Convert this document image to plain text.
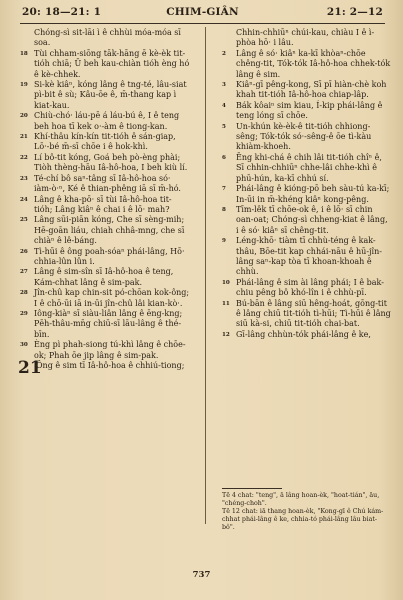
20: 18—21: 1	CHIM-GIÂN	21: 2—12

Chóng-sì sit-lāi ì ê chhùi móa-móa sī soa.

18 Tùi chham-siōng tāk-hāng ē kè-èk tit-tióh chiā; Ū beh kau-chiàn tióh èng hó ê kè-chhek.

19 Si-kè kiâⁿ, kóng lâng ê tng-té, lâu-siat pì-bit ê sù; Kâu-ōe ê, m̄-thang kap ì kiat-kau.

20 Chiù-chó· láu-pē á láu-bú ê, I ê teng beh hoa tī kek o·-àm ê tiong-kan.

21 Khí-thâu kín-kín tit-tióh ê sán-giap, Lō·-bé m̄-sī chōe i ê hok-khì.

22 Lí bô-tit kóng, Goá beh pò-èng phài; Tiòh thèng-hāu Iâ-hô-hoa, I beh kiù lí.

23 Té-chí bô saⁿ-tâng sī Iâ-hô-hoa só· iàm-ò·ⁿ, Ké ê thian-phêng iā sī m̄-hó.

24 Lâng ê kha-pō· sī tùi Iâ-hô-hoa tit-tióh; Lâng kiâⁿ ê chai i ê lō· mah?

25 Lâng sūi-piān kóng, Che sī sèng-mih; Hē-goān liáu, chiah chhâ-mng, che sī chiàⁿ ê lê-báng.

26 Tì-hūi ê ông poah-sóaⁿ phái-lâng, Hō· chhia-lûn lûn i.

27 Lâng ê sim-sîn sī Iâ-hô-hoa ê teng, Kám-chhat lâng ê sim-pak.

28 Jîn-chû kap chin-sit pó-chōan kok-ông; I ê chō-ūi iā in-ūi jîn-chû lâi kian-kò·.

29 Iông-kiàⁿ sī siàu-liân lâng ê ēng-kng; Pēh-thâu-mn̄g chiū-sī lāu-lâng ê thé-bīn.

30 Èng pì phah-siong tú-khì lâng ê chōe-ok; Phah ōe jip lâng ê sim-pak.

21
Ông ê sim tī Iâ-hô-hoa ê chhiú-tiong;

Chhin-chhiūⁿ chúi-kau, chiàu I ê ì-phòa hō· i lâu.

2 Lâng ê só· kiâⁿ ka-kī khòaⁿ-chōe chêng-tit, Tók-tók Iâ-hô-hoa chhek-tók lâng ê sim.

3 Kiâⁿ-gī pêng-kong, Sī pī hiàn-chè koh khah tit-tióh Iâ-hô-hoa chiap-lâp.

4 Bák kôaiⁿ sim kiau, Í-kip phái-lâng ê teng lóng sī chōe.

5 Un-khún kè-èk-ê tit-tióh chhiong-sêng; Tók-tók só·-sêng-ê ōe tì-kàu khiàm-khoeh.

6 Ēng khi-chá ê chih lâi tit-tióh chîⁿ ê, Sī chhin-chhiūⁿ chhe-lâi chhe-khì ê phū-hún, ka-kī chhú sí.

7 Phái-lâng ê kióng-pō beh sàu-tú ka-kī; In-ūi in m̄-khéng kiâⁿ kong-pêng.

8 Tīm-lêk tī chōe-ok ê, i ê lō· sī chin oan-oat; Chóng-sì chheng-kiat ê lâng, i ê só· kiâⁿ sī chêng-tit.

9 Léng-khō· tiàm tī chhù-téng ê kak-thâu, Bōe-tit kap chhái-nāu ê hū-jîn-lâng saⁿ-kap tòa tī khoan-khoah ê chhù.

10 Phái-lâng ê sim ài lâng phái; I ê bak-chiu pêng bô khó-lîn i ê chhù-pī.

11 Bú-bān ê lâng siū hêng-hoát, gōng-tit ê lâng chiū tit-tióh tì-hūi; Tì-hūi ê lâng siū kà-si, chiū tit-tióh chai-bat.

12 Gī-lâng chhùn-tók phái-lâng ê ke,

Tē 4 chat: "teng", ā lâng hoan-èk, "hoat-tián", āu, "chéng-choh".
Tē 12 chat: iā thang hoan-èk, "Kong-gī ê Chú kám-chhat phái-lâng ê ke, chhia-tó phái-lâng lâu biat-bô".
737
